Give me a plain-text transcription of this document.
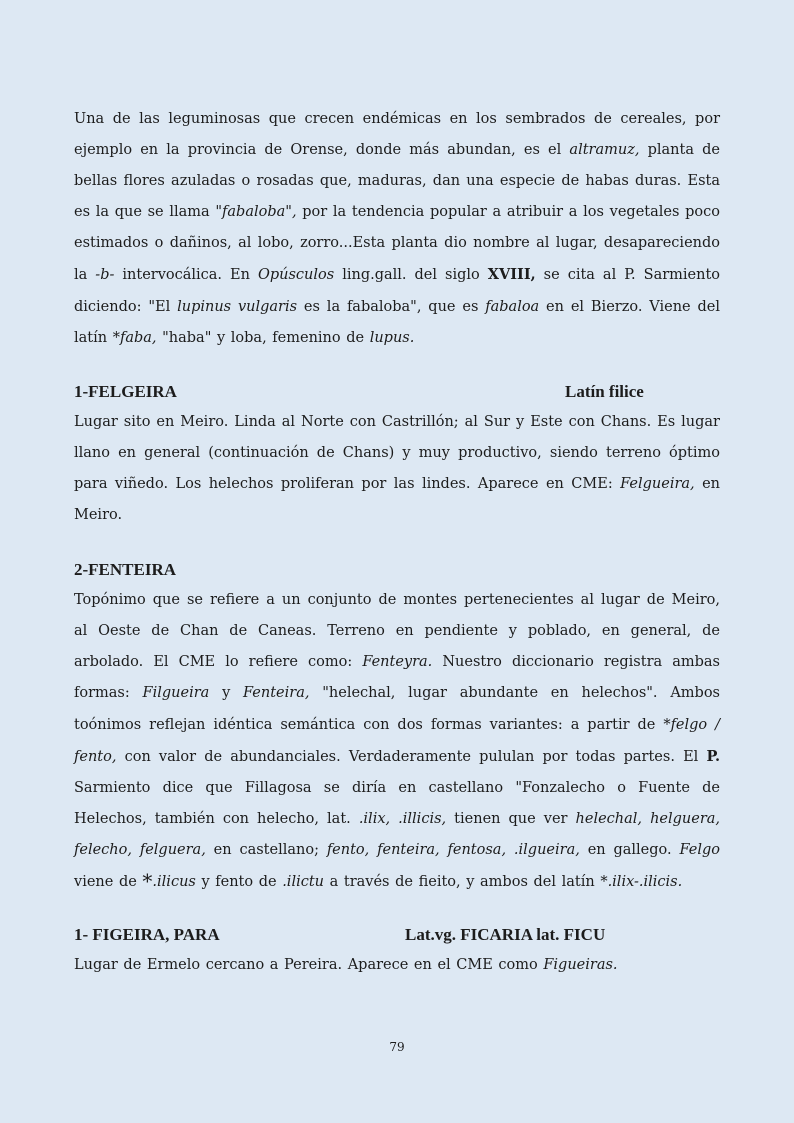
Una de las leguminosas que crecen endémicas en los sembrados de cereales, por ejemplo en la provincia de Orense, donde más abundan, es el altramuz, planta de bellas flores azuladas o rosadas que, maduras, dan una especie de habas duras. Esta es la que se llama "fabaloba", por la tendencia popular a atribuir a los vegetales poco estimados o dañinos, al lobo, zorro...Esta planta dio nombre al lugar, desapareciendo la -b- intervocálica. En Opúsculos ling.gall. del siglo XVIII, se cita al P. Sarmiento diciendo: "El lupinus vulgaris es la fabaloba", que es fabaloa en el Bierzo. Viene del latín *faba, "haba" y loba, femenino de lupus.

1-FELGEIRA	Latín filice

Lugar sito en Meiro. Linda al Norte con Castrillón; al Sur y Este con Chans. Es lugar llano en general (continuación de Chans) y muy productivo, siendo terreno óptimo para viñedo. Los helechos proliferan por las lindes. Aparece en CME: Felgueira, en Meiro.

2-FENTEIRA

Topónimo que se refiere a un conjunto de montes pertenecientes al lugar de Meiro, al Oeste de Chan de Caneas. Terreno en pendiente y poblado, en general, de arbolado. El CME lo refiere como: Fenteyra. Nuestro diccionario registra ambas formas: Filgueira y Fenteira, "helechal, lugar abundante en helechos". Ambos toónimos reflejan idéntica semántica con dos formas variantes: a partir de *felgo / fento, con valor de abundanciales. Verdaderamente pululan por todas partes. El P. Sarmiento dice que Fillagosa se diría en castellano "Fonzalecho o Fuente de Helechos, también con helecho, lat. .ilix, .illicis, tienen que ver helechal, helguera, felecho, felguera, en castellano; fento, fenteira, fentosa, .ilgueira, en gallego. Felgo viene de *.ilicus y fento de .ilictu a través de fieito, y ambos del latín *.ilix-.ilicis.

1- FIGEIRA, PARA	Lat.vg. FICARIA lat. FICU

Lugar de Ermelo cercano a Pereira. Aparece en el CME como Figueiras.

79
